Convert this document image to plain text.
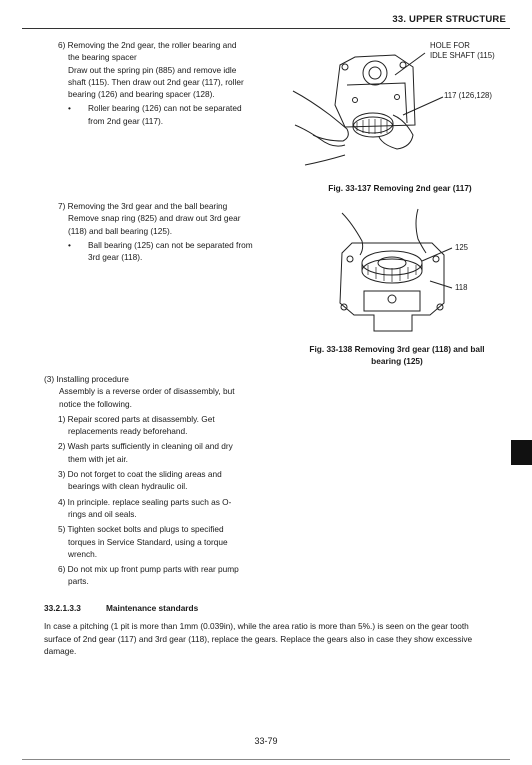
33. UPPER STRUCTURE
6) Removing the 2nd gear, the roller bearing and
the bearing spacer
Draw out the spring pin (885) and remove idle
shaft (115). Then draw out 2nd gear (117), roller
bearing (126) and bearing spacer (128).
•	Roller bearing (126) can not be separated
from 2nd gear (117).
HOLE FOR
IDLE SHAFT (115)
117 (126,128)
Fig. 33-137 Removing 2nd gear (117)
7) Removing the 3rd gear and the ball bearing
Remove snap ring (825) and draw out 3rd gear
(118) and ball bearing (125).
•	Ball bearing (125) can not be separated from
3rd gear (118).
125
118
Fig. 33-138 Removing 3rd gear (118) and ball
bearing (125)
(3) Installing procedure
Assembly is a reverse order of disassembly, but
notice the following.
1) Repair scored parts at disassembly. Get
replacements ready beforehand.
2) Wash parts sufficiently in cleaning oil and dry
them with jet air.
3) Do not forget to coat the sliding areas and
bearings with clean hydraulic oil.
4) In principle. replace sealing parts such as O-
rings and oil seals.
5) Tighten socket bolts and plugs to specified
torques in Service Standard, using a torque
wrench.
6) Do not mix up front pump parts with rear pump
parts.
33.2.1.3.3	Maintenance standards
In case a pitching (1 pit is more than 1mm (0.039in), while the area ratio is more than 5%.) is seen on the gear tooth
surface of 2nd gear (117) and 3rd gear (118), replace the gears. Replace the gears also in case they show excessive
damage.
33-79
